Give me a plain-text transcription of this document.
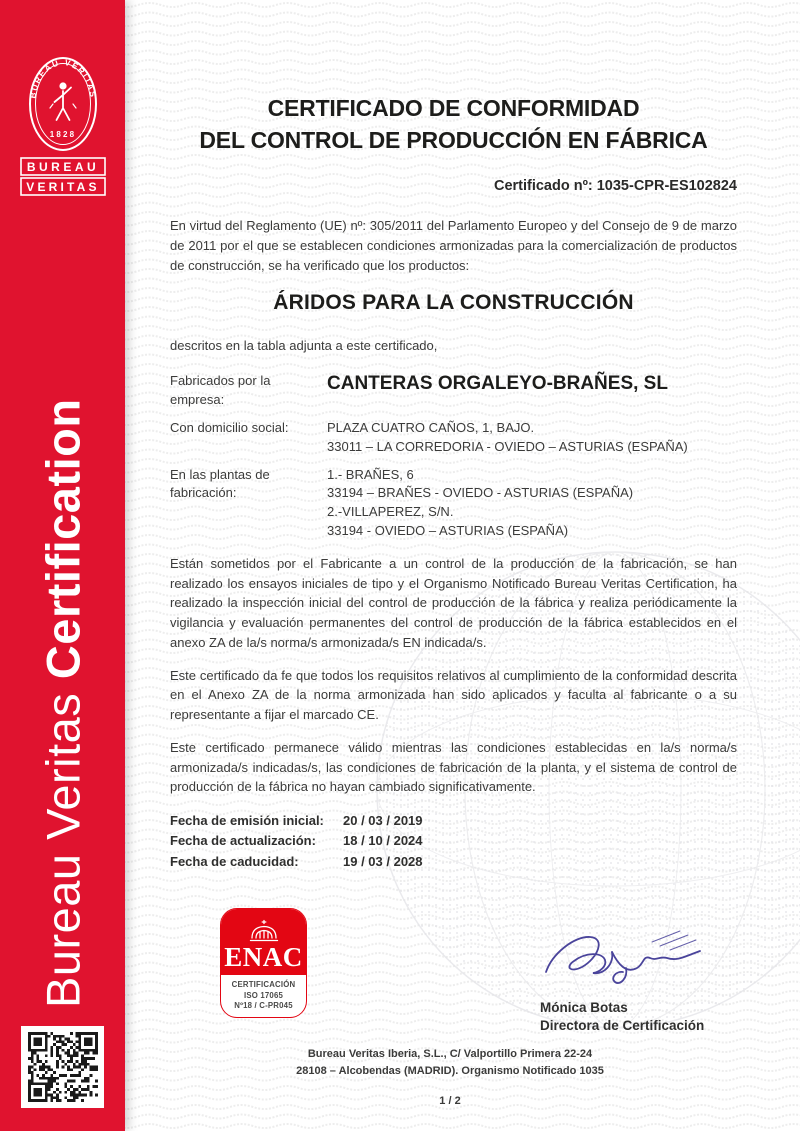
BUREAU VERITAS
1828
BUREAU
VERITAS
Bureau Veritas Certification
CERTIFICADO DE CONFORMIDAD
DEL CONTROL DE PRODUCCIÓN EN FÁBRICA
Certificado nº: 1035-CPR-ES102824

En virtud del Reglamento (UE) nº: 305/2011 del Parlamento Europeo y del Consejo de 9 de marzo de 2011 por el que se establecen condiciones armonizadas para la comercialización de productos de construcción, se ha verificado que los productos:

ÁRIDOS PARA LA CONSTRUCCIÓN
descritos en la tabla adjunta a este certificado,
Fabricados por la empresa:
CANTERAS ORGALEYO-BRAÑES, SL
Con domicilio social:	PLAZA CUATRO CAÑOS, 1, BAJO.
33011 – LA CORREDORIA - OVIEDO – ASTURIAS (ESPAÑA)
En las plantas de fabricación:
1.- BRAÑES, 6
33194 – BRAÑES - OVIEDO - ASTURIAS (ESPAÑA)
2.-VILLAPEREZ, S/N.
33194 - OVIEDO – ASTURIAS (ESPAÑA)

Están sometidos por el Fabricante a un control de la producción de la fabricación, se han realizado los ensayos iniciales de tipo y el Organismo Notificado Bureau Veritas Certification, ha realizado la inspección inicial del control de producción de la fábrica y realiza periódicamente la vigilancia y evaluación permanentes del control de producción de la fábrica establecidos en el anexo ZA de la/s norma/s armonizada/s EN indicada/s.

Este certificado da fe que todos los requisitos relativos al cumplimiento de la conformidad descrita en el Anexo ZA de la norma armonizada han sido aplicados y faculta al fabricante o a su representante a fijar el marcado CE.

Este certificado permanece válido mientras las condiciones establecidas en la/s norma/s armonizada/s indicadas/s, las condiciones de fabricación de la planta, y el sistema de control de producción de la fábrica no hayan cambiado significativamente.

Fecha de emisión inicial:	20 / 03 / 2019
Fecha de actualización:	18 / 10 / 2024
Fecha de caducidad:	19 / 03 / 2028
ENAC
CERTIFICACIÓN
ISO 17065
Nº18 / C-PR045	Mónica Botas
Directora de Certificación
Bureau Veritas Iberia, S.L., C/ Valportillo Primera 22-24
28108 – Alcobendas (MADRID). Organismo Notificado 1035
1 / 2
